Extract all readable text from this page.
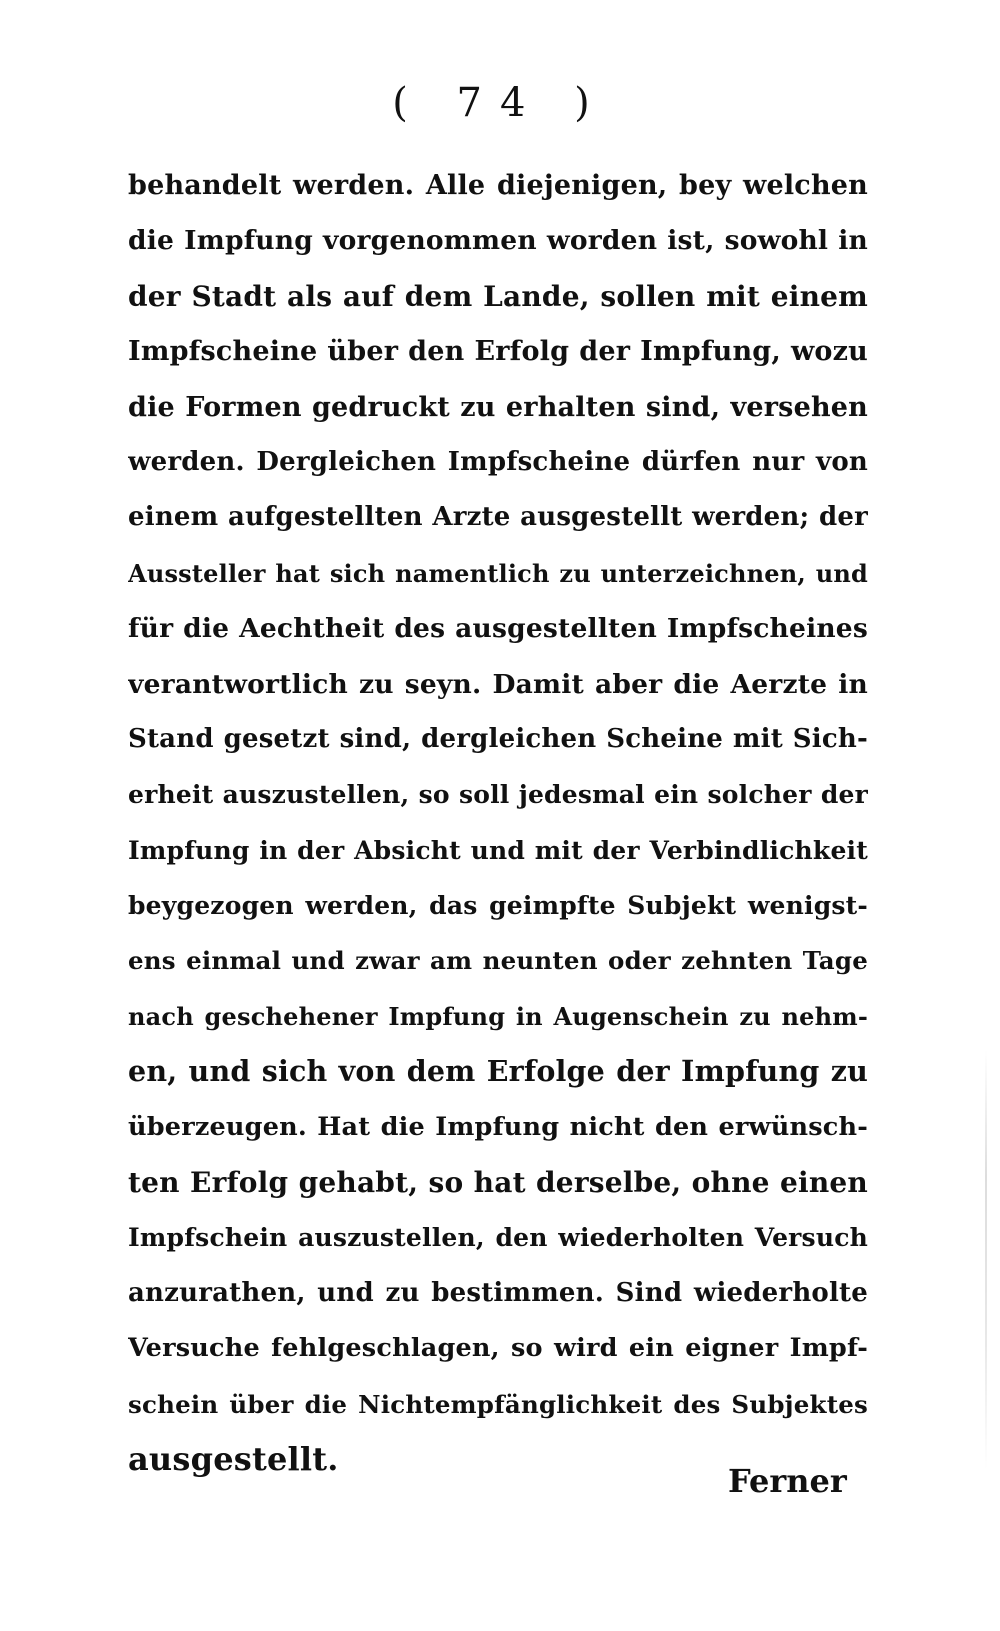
( 74 )
behandelt werden. Alle diejenigen, bey welchen
die Impfung vorgenommen worden ist, sowohl in
der Stadt als auf dem Lande, sollen mit einem
Impfscheine über den Erfolg der Impfung, wozu
die Formen gedruckt zu erhalten sind, versehen
werden. Dergleichen Impfscheine dürfen nur von
einem aufgestellten Arzte ausgestellt werden; der
Aussteller hat sich namentlich zu unterzeichnen, und
für die Aechtheit des ausgestellten Impfscheines
verantwortlich zu seyn. Damit aber die Aerzte in
Stand gesetzt sind, dergleichen Scheine mit Sich-
erheit auszustellen, so soll jedesmal ein solcher der
Impfung in der Absicht und mit der Verbindlichkeit
beygezogen werden, das geimpfte Subjekt wenigst-
ens einmal und zwar am neunten oder zehnten Tage
nach geschehener Impfung in Augenschein zu nehm-
en, und sich von dem Erfolge der Impfung zu
überzeugen. Hat die Impfung nicht den erwünsch-
ten Erfolg gehabt, so hat derselbe, ohne einen
Impfschein auszustellen, den wiederholten Versuch
anzurathen, und zu bestimmen. Sind wiederholte
Versuche fehlgeschlagen, so wird ein eigner Impf-
schein über die Nichtempfänglichkeit des Subjektes
ausgestellt.
Ferner
